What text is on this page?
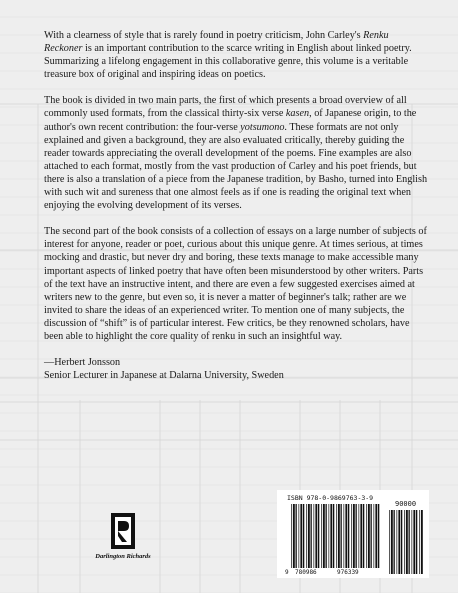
With a clearness of style that is rarely found in poetry criticism, John Carley's Renku Reckoner is an important contribution to the scarce writing in English about linked poetry. Summarizing a lifelong engagement in this collaborative genre, this volume is a veritable treasure box of original and inspiring ideas on poetics.

The book is divided in two main parts, the first of which presents a broad overview of all commonly used formats, from the classical thirty-six verse kasen, of Japanese origin, to the author's own recent contribution: the four-verse yotsumono. These formats are not only explained and given a background, they are also evaluated critically, thereby guiding the reader towards appreciating the overall development of the poems. Fine examples are also attached to each format, mostly from the vast production of Carley and his poet friends, but there is also a translation of a piece from the Japanese tradition, by Basho, turned into English with such wit and sureness that one almost feels as if one is reading the original text when enjoying the evolving development of its verses.

The second part of the book consists of a collection of essays on a large number of subjects of interest for anyone, reader or poet, curious about this unique genre. At times serious, at times mocking and drastic, but never dry and boring, these texts manage to make accessible many important aspects of linked poetry that have often been misunderstood by other writers. Parts of the text have an instructive intent, and there are even a few suggested exercises aimed at writers new to the genre, but even so, it is never a matter of beginner's talk; rather are we invited to share the ideas of an experienced writer. To mention one of many subjects, the discussion of “shift” is of particular interest. Few critics, be they renowned scholars, have been able to highlight the core quality of renku in such an insightful way.

—Herbert Jonsson
Senior Lecturer in Japanese at Dalarna University, Sweden
Darlington Richards
ISBN 978-0-9869763-3-9
9 780986	976339
90000
